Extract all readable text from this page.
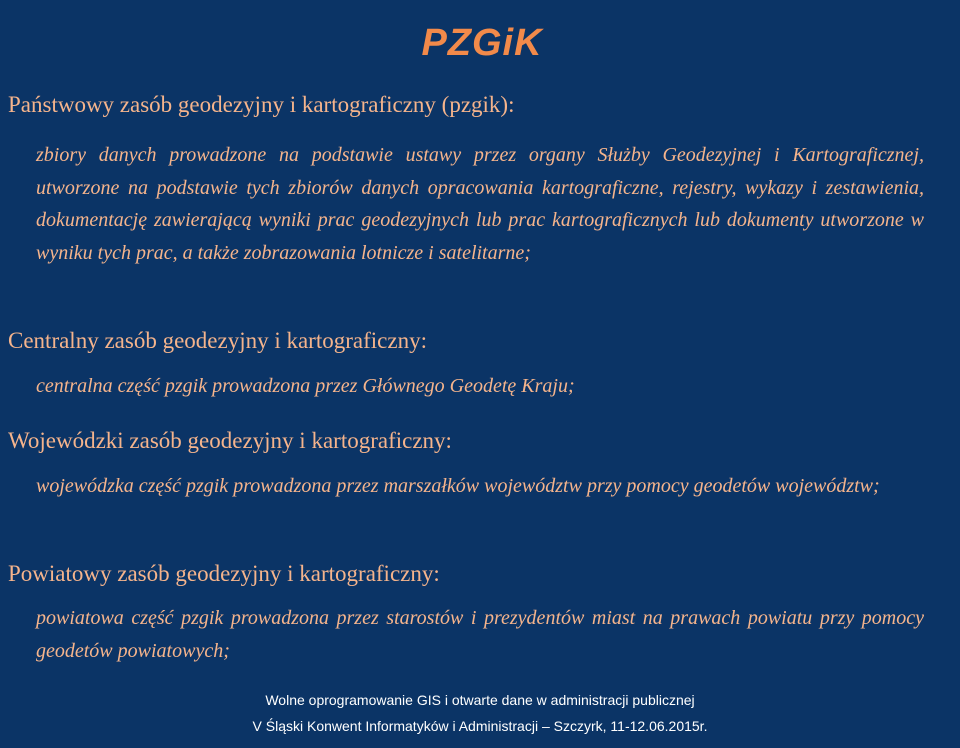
PZGiK
Państwowy zasób geodezyjny i kartograficzny (pzgik):
zbiory danych prowadzone na podstawie ustawy przez organy Służby Geodezyjnej i Kartograficznej, utworzone na podstawie tych zbiorów danych opracowania kartograficzne, rejestry, wykazy i zestawienia, dokumentację zawierającą wyniki prac geodezyjnych lub prac kartograficznych lub dokumenty utworzone w wyniku tych prac, a także zobrazowania lotnicze i satelitarne;
Centralny zasób geodezyjny i kartograficzny:
centralna część pzgik prowadzona przez Głównego Geodetę Kraju;
Wojewódzki zasób geodezyjny i kartograficzny:
wojewódzka część pzgik prowadzona przez marszałków województw przy pomocy geodetów województw;
Powiatowy zasób geodezyjny i kartograficzny:
powiatowa część pzgik prowadzona przez starostów i prezydentów miast na prawach powiatu przy pomocy geodetów powiatowych;
Wolne oprogramowanie GIS i otwarte dane w administracji publicznej
V Śląski Konwent Informatyków i Administracji – Szczyrk, 11-12.06.2015r.
